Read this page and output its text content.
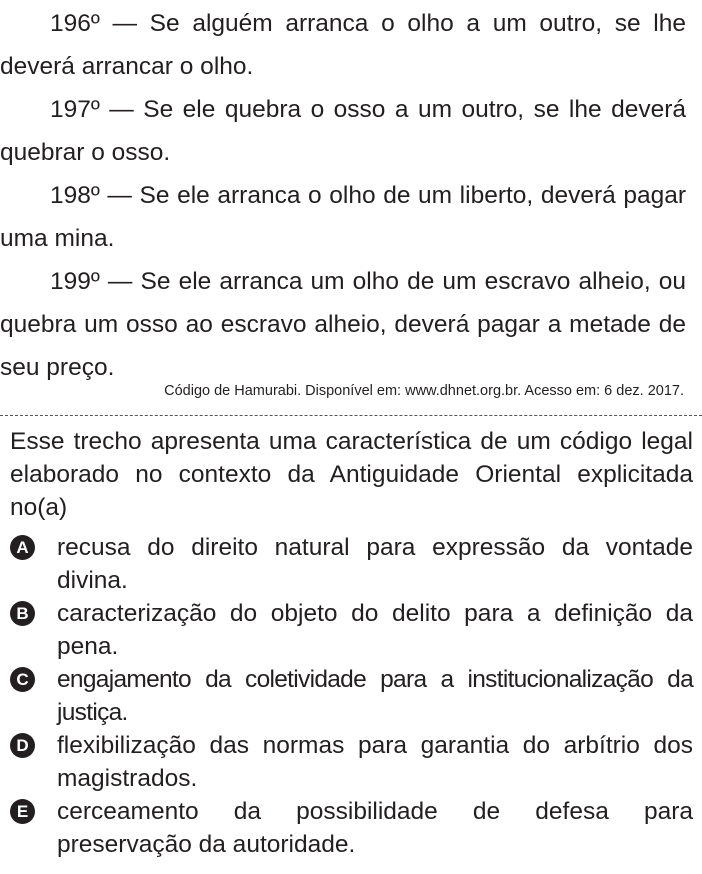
196º — Se alguém arranca o olho a um outro, se lhe deverá arrancar o olho.

197º — Se ele quebra o osso a um outro, se lhe deverá quebrar o osso.

198º — Se ele arranca o olho de um liberto, deverá pagar uma mina.

199º — Se ele arranca um olho de um escravo alheio, ou quebra um osso ao escravo alheio, deverá pagar a metade de seu preço.

Código de Hamurabi. Disponível em: www.dhnet.org.br. Acesso em: 6 dez. 2017.

Esse trecho apresenta uma característica de um código legal elaborado no contexto da Antiguidade Oriental explicitada no(a)

A recusa do direito natural para expressão da vontade divina.
B caracterização do objeto do delito para a definição da pena.
C engajamento da coletividade para a institucionalização da justiça.
D flexibilização das normas para garantia do arbítrio dos magistrados.
E cerceamento da possibilidade de defesa para preservação da autoridade.
